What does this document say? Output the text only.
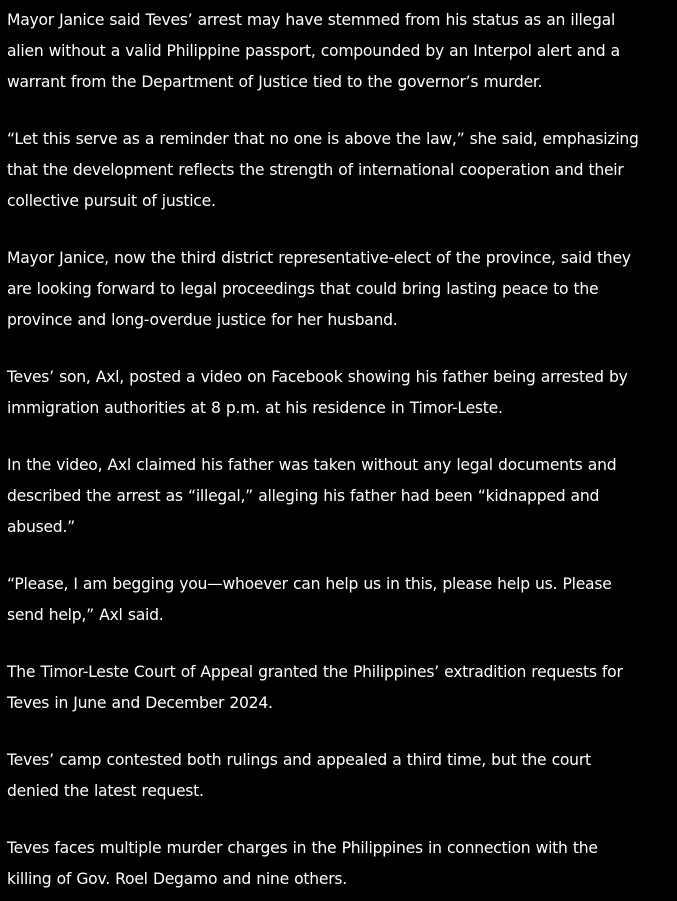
Mayor Janice said Teves’ arrest may have stemmed from his status as an illegal alien without a valid Philippine passport, compounded by an Interpol alert and a warrant from the Department of Justice tied to the governor’s murder.

“Let this serve as a reminder that no one is above the law,” she said, emphasizing that the development reflects the strength of international cooperation and their collective pursuit of justice.

Mayor Janice, now the third district representative-elect of the province, said they are looking forward to legal proceedings that could bring lasting peace to the province and long-overdue justice for her husband.

Teves’ son, Axl, posted a video on Facebook showing his father being arrested by immigration authorities at 8 p.m. at his residence in Timor-Leste.

In the video, Axl claimed his father was taken without any legal documents and described the arrest as “illegal,” alleging his father had been “kidnapped and abused.”

“Please, I am begging you—whoever can help us in this, please help us. Please send help,” Axl said.

The Timor-Leste Court of Appeal granted the Philippines’ extradition requests for Teves in June and December 2024.

Teves’ camp contested both rulings and appealed a third time, but the court denied the latest request.

Teves faces multiple murder charges in the Philippines in connection with the killing of Gov. Roel Degamo and nine others.
